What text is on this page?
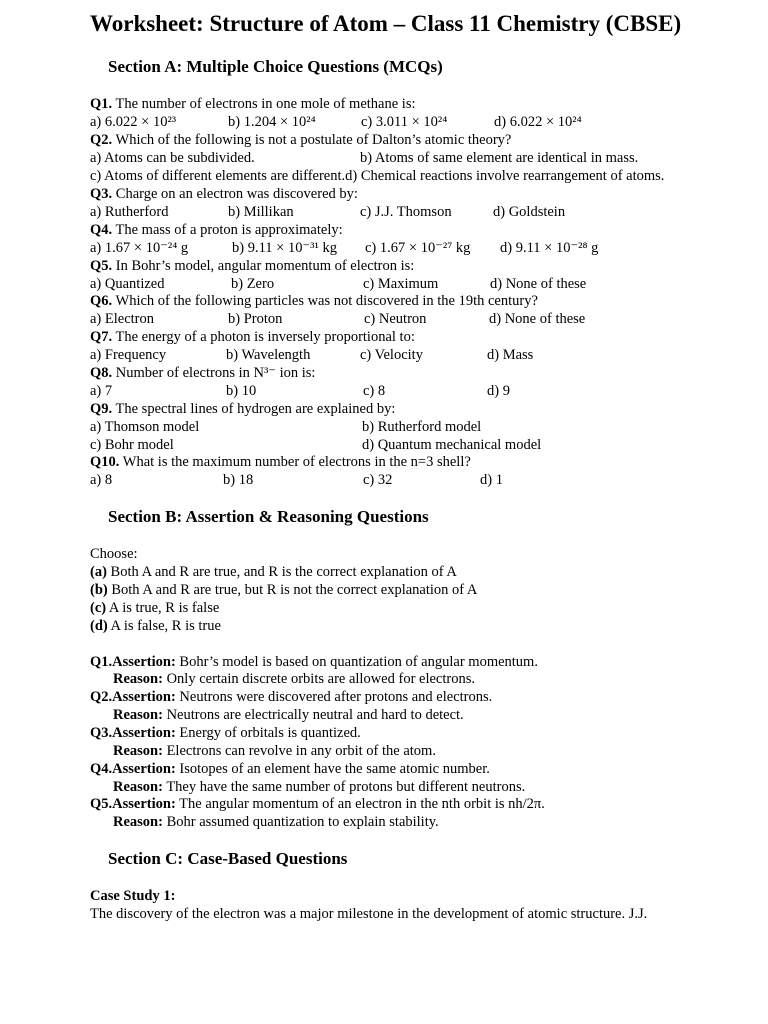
Worksheet: Structure of Atom – Class 11 Chemistry (CBSE)
Section A: Multiple Choice Questions (MCQs)
Q1. The number of electrons in one mole of methane is:
a) 6.022 × 10²³	b) 1.204 × 10²⁴	c) 3.011 × 10²⁴	d) 6.022 × 10²⁴
Q2. Which of the following is not a postulate of Dalton’s atomic theory?
a) Atoms can be subdivided.	b) Atoms of same element are identical in mass.
c) Atoms of different elements are different.d) Chemical reactions involve rearrangement of atoms.
Q3. Charge on an electron was discovered by:
a) Rutherford	b) Millikan	c) J.J. Thomson	d) Goldstein
Q4. The mass of a proton is approximately:
a) 1.67 × 10⁻²⁴ g	b) 9.11 × 10⁻³¹ kg c) 1.67 × 10⁻²⁷ kg d) 9.11 × 10⁻²⁸ g
Q5. In Bohr’s model, angular momentum of electron is:
a) Quantized	b) Zero	c) Maximum	d) None of these
Q6. Which of the following particles was not discovered in the 19th century?
a) Electron	b) Proton	c) Neutron	d) None of these
Q7. The energy of a photon is inversely proportional to:
a) Frequency	b) Wavelength	c) Velocity	d) Mass
Q8. Number of electrons in N³⁻ ion is:
a) 7	b) 10	c) 8	d) 9
Q9. The spectral lines of hydrogen are explained by:
a) Thomson model	b) Rutherford model
c) Bohr model	d) Quantum mechanical model
Q10. What is the maximum number of electrons in the n=3 shell?
a) 8	b) 18	c) 32	d) 1
Section B: Assertion & Reasoning Questions
Choose:
(a) Both A and R are true, and R is the correct explanation of A
(b) Both A and R are true, but R is not the correct explanation of A
(c) A is true, R is false
(d) A is false, R is true
Q1.Assertion: Bohr’s model is based on quantization of angular momentum.
Reason: Only certain discrete orbits are allowed for electrons.
Q2.Assertion: Neutrons were discovered after protons and electrons.
Reason: Neutrons are electrically neutral and hard to detect.
Q3.Assertion: Energy of orbitals is quantized.
Reason: Electrons can revolve in any orbit of the atom.
Q4.Assertion: Isotopes of an element have the same atomic number.
Reason: They have the same number of protons but different neutrons.
Q5.Assertion: The angular momentum of an electron in the nth orbit is nh/2π.
Reason: Bohr assumed quantization to explain stability.
Section C: Case-Based Questions
Case Study 1:
The discovery of the electron was a major milestone in the development of atomic structure. J.J.
